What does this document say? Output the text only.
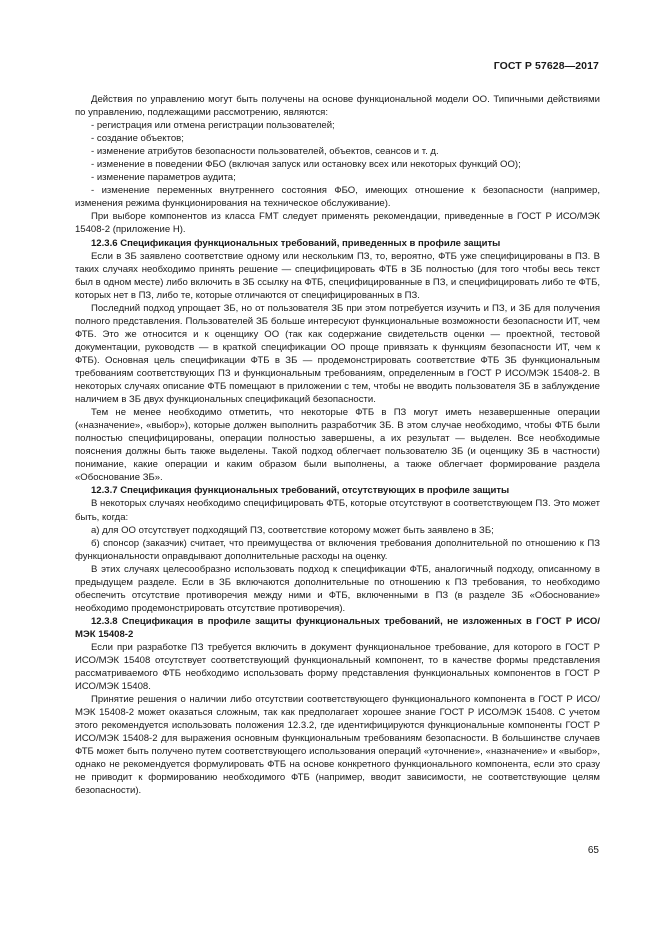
ГОСТ Р 57628—2017

Действия по управлению могут быть получены на основе функциональной модели ОО. Типичными действиями по управлению, подлежащими рассмотрению, являются:

- регистрация или отмена регистрации пользователей;

- создание объектов;

- изменение атрибутов безопасности пользователей, объектов, сеансов и т. д.

- изменение в поведении ФБО (включая запуск или остановку всех или некоторых функций ОО);

- изменение параметров аудита;

- изменение переменных внутреннего состояния ФБО, имеющих отношение к безопасности (например, изменения режима функционирования на техническое обслуживание).

При выборе компонентов из класса FMT следует применять рекомендации, приведенные в ГОСТ Р ИСО/МЭК 15408-2 (приложение H).

12.3.6 Спецификация функциональных требований, приведенных в профиле защиты

Если в ЗБ заявлено соответствие одному или нескольким ПЗ, то, вероятно, ФТБ уже специфицированы в ПЗ. В таких случаях необходимо принять решение — специфицировать ФТБ в ЗБ полностью (для того чтобы весь текст был в одном месте) либо включить в ЗБ ссылку на ФТБ, специфицированные в ПЗ, и специфицировать либо те ФТБ, которых нет в ПЗ, либо те, которые отличаются от специфицированных в ПЗ.

Последний подход упрощает ЗБ, но от пользователя ЗБ при этом потребуется изучить и ПЗ, и ЗБ для получения полного представления. Пользователей ЗБ больше интересуют функциональные возможности безопасности ИТ, чем ФТБ. Это же относится и к оценщику ОО (так как содержание свидетельств оценки — проектной, тестовой документации, руководств — в краткой спецификации ОО проще привязать к функциям безопасности ИТ, чем к ФТБ). Основная цель спецификации ФТБ в ЗБ — продемонстрировать соответствие ФТБ ЗБ функциональным требованиям соответствующих ПЗ и функциональным требованиям, определенным в ГОСТ Р ИСО/МЭК 15408-2. В некоторых случаях описание ФТБ помещают в приложении с тем, чтобы не вводить пользователя ЗБ в заблуждение наличием в ЗБ двух функциональных спецификаций безопасности.

Тем не менее необходимо отметить, что некоторые ФТБ в ПЗ могут иметь незавершенные операции («назначение», «выбор»), которые должен выполнить разработчик ЗБ. В этом случае необходимо, чтобы ФТБ были полностью специфицированы, операции полностью завершены, а их результат — выделен. Все необходимые пояснения должны быть также выделены. Такой подход облегчает пользователю ЗБ (и оценщику ЗБ в частности) понимание, какие операции и каким образом были выполнены, а также облегчает формирование раздела «Обоснование ЗБ».

12.3.7 Спецификация функциональных требований, отсутствующих в профиле защиты

В некоторых случаях необходимо специфицировать ФТБ, которые отсутствуют в соответствующем ПЗ. Это может быть, когда:

а) для ОО отсутствует подходящий ПЗ, соответствие которому может быть заявлено в ЗБ;

б) спонсор (заказчик) считает, что преимущества от включения требования дополнительной по отношению к ПЗ функциональности оправдывают дополнительные расходы на оценку.

В этих случаях целесообразно использовать подход к спецификации ФТБ, аналогичный подходу, описанному в предыдущем разделе. Если в ЗБ включаются дополнительные по отношению к ПЗ требования, то необходимо обеспечить отсутствие противоречия между ними и ФТБ, включенными в ПЗ (в разделе ЗБ «Обоснование» необходимо продемонстрировать отсутствие противоречия).

12.3.8 Спецификация в профиле защиты функциональных требований, не изложенных в ГОСТ Р ИСО/МЭК 15408-2

Если при разработке ПЗ требуется включить в документ функциональное требование, для которого в ГОСТ Р ИСО/МЭК 15408 отсутствует соответствующий функциональный компонент, то в качестве формы представления рассматриваемого ФТБ необходимо использовать форму представления функциональных компонентов в ГОСТ Р ИСО/МЭК 15408.

Принятие решения о наличии либо отсутствии соответствующего функционального компонента в ГОСТ Р ИСО/МЭК 15408-2 может оказаться сложным, так как предполагает хорошее знание ГОСТ Р ИСО/МЭК 15408. С учетом этого рекомендуется использовать положения 12.3.2, где идентифицируются функциональные компоненты ГОСТ Р ИСО/МЭК 15408-2 для выражения основным функциональным требованиям безопасности. В большинстве случаев ФТБ может быть получено путем соответствующего использования операций «уточнение», «назначение» и «выбор», однако не рекомендуется формулировать ФТБ на основе конкретного функционального компонента, если это сразу не приводит к формированию необходимого ФТБ (например, вводит зависимости, не соответствующие целям безопасности).

65
